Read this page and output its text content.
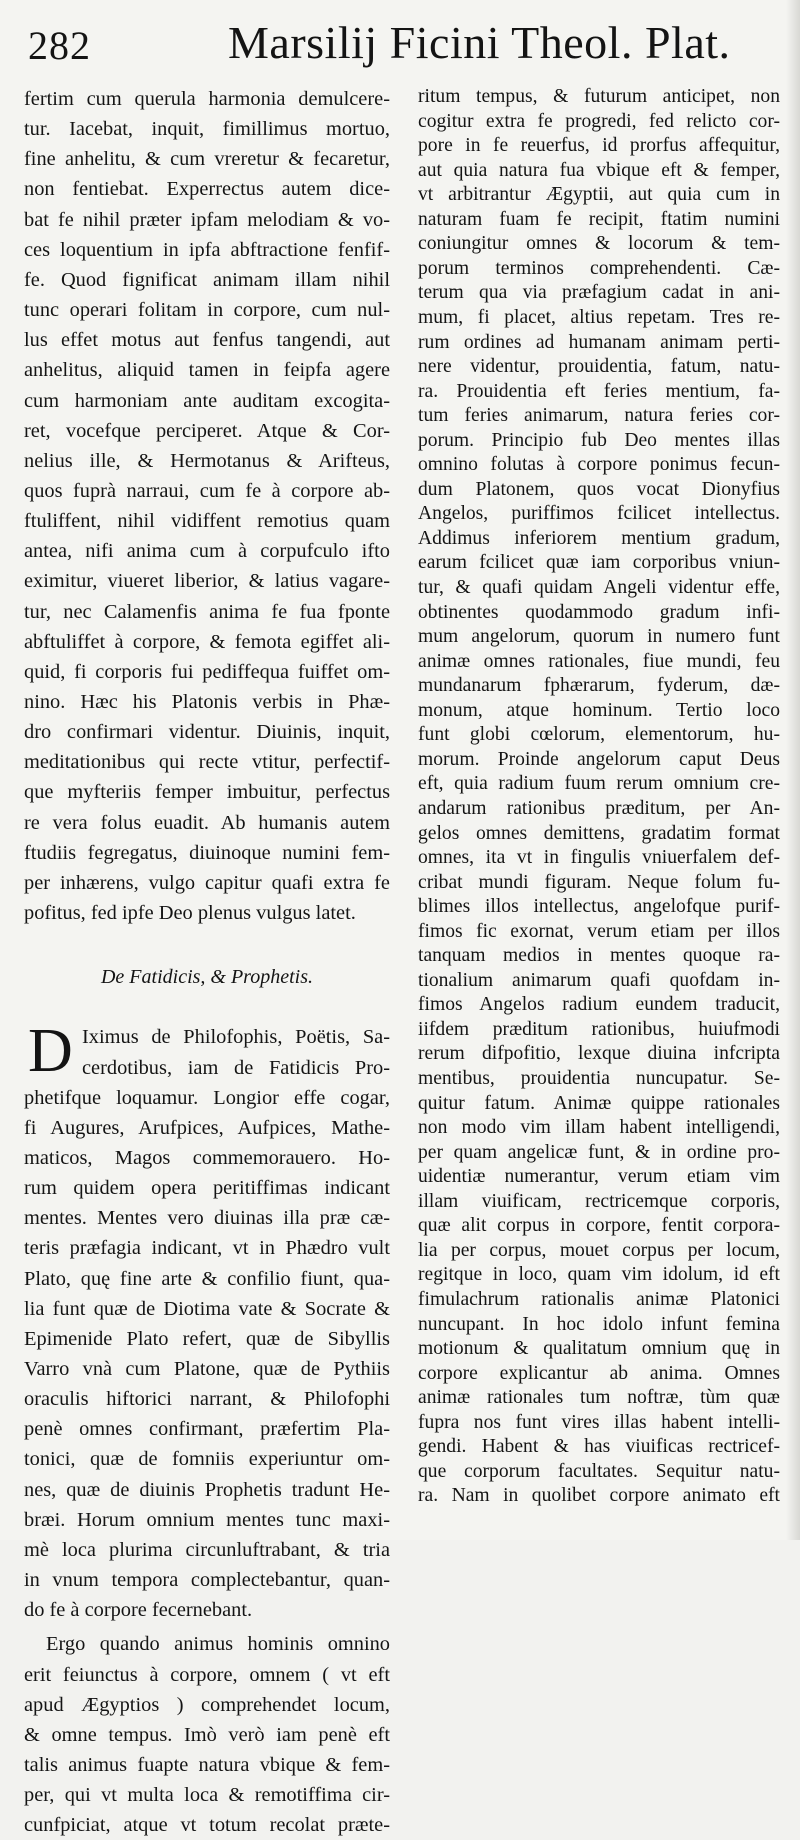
282	Marsilij Ficini Theol. Plat.
fertim cum querula harmonia demulcere-
tur. Iacebat, inquit, fimillimus mortuo,
fine anhelitu, & cum vreretur & fecaretur,
non fentiebat. Experrectus autem dice-
bat fe nihil præter ipfam melodiam & vo-
ces loquentium in ipfa abftractione fenfif-
fe. Quod fignificat animam illam nihil
tunc operari folitam in corpore, cum nul-
lus effet motus aut fenfus tangendi, aut
anhelitus, aliquid tamen in feipfa agere
cum harmoniam ante auditam excogita-
ret, vocefque perciperet. Atque & Cor-
nelius ille, & Hermotanus & Arifteus,
quos fuprà narraui, cum fe à corpore ab-
ftuliffent, nihil vidiffent remotius quam
antea, nifi anima cum à corpufculo ifto
eximitur, viueret liberior, & latius vagare-
tur, nec Calamenfis anima fe fua fponte
abftuliffet à corpore, & femota egiffet ali-
quid, fi corporis fui pediffequa fuiffet om-
nino. Hæc his Platonis verbis in Phæ-
dro confirmari videntur. Diuinis, inquit,
meditationibus qui recte vtitur, perfectif-
que myfteriis femper imbuitur, perfectus
re vera folus euadit. Ab humanis autem
ftudiis fegregatus, diuinoque numini fem-
per inhærens, vulgo capitur quafi extra fe
pofitus, fed ipfe Deo plenus vulgus latet.
De Fatidicis, & Prophetis.
D Iximus de Philofophis, Poëtis, Sa-
cerdotibus, iam de Fatidicis Pro-
phetifque loquamur. Longior effe cogar,
fi Augures, Arufpices, Aufpices, Mathe-
maticos, Magos commemorauero. Ho-
rum quidem opera peritiffimas indicant
mentes. Mentes vero diuinas illa præ cæ-
teris præfagia indicant, vt in Phædro vult
Plato, quę fine arte & confilio fiunt, qua-
lia funt quæ de Diotima vate & Socrate &
Epimenide Plato refert, quæ de Sibyllis
Varro vnà cum Platone, quæ de Pythiis
oraculis hiftorici narrant, & Philofophi
penè omnes confirmant, præfertim Pla-
tonici, quæ de fomniis experiuntur om-
nes, quæ de diuinis Prophetis tradunt He-
bræi. Horum omnium mentes tunc maxi-
mè loca plurima circunluftrabant, & tria
in vnum tempora complectebantur, quan-
do fe à corpore fecernebant.
Ergo quando animus hominis omnino
erit feiunctus à corpore, omnem ( vt eft
apud Ægyptios ) comprehendet locum,
& omne tempus. Imò verò iam penè eft
talis animus fuapte natura vbique & fem-
per, qui vt multa loca & remotiffima cir-
cunfpiciat, atque vt totum recolat præte-
ritum tempus, & futurum anticipet, non
cogitur extra fe progredi, fed relicto cor-
pore in fe reuerfus, id prorfus affequitur,
aut quia natura fua vbique eft & femper,
vt arbitrantur Ægyptii, aut quia cum in
naturam fuam fe recipit, ftatim numini
coniungitur omnes & locorum & tem-
porum terminos comprehendenti. Cæ-
terum qua via præfagium cadat in ani-
mum, fi placet, altius repetam. Tres re-
rum ordines ad humanam animam perti-
nere videntur, prouidentia, fatum, natu-
ra. Prouidentia eft feries mentium, fa-
tum feries animarum, natura feries cor-
porum. Principio fub Deo mentes illas
omnino folutas à corpore ponimus fecun-
dum Platonem, quos vocat Dionyfius
Angelos, puriffimos fcilicet intellectus.
Addimus inferiorem mentium gradum,
earum fcilicet quæ iam corporibus vniun-
tur, & quafi quidam Angeli videntur effe,
obtinentes quodammodo gradum infi-
mum angelorum, quorum in numero funt
animæ omnes rationales, fiue mundi, feu
mundanarum fphærarum, fyderum, dæ-
monum, atque hominum. Tertio loco
funt globi cœlorum, elementorum, hu-
morum. Proinde angelorum caput Deus
eft, quia radium fuum rerum omnium cre-
andarum rationibus præditum, per An-
gelos omnes demittens, gradatim format
omnes, ita vt in fingulis vniuerfalem def-
cribat mundi figuram. Neque folum fu-
blimes illos intellectus, angelofque purif-
fimos fic exornat, verum etiam per illos
tanquam medios in mentes quoque ra-
tionalium animarum quafi quofdam in-
fimos Angelos radium eundem traducit,
iifdem præditum rationibus, huiufmodi
rerum difpofitio, lexque diuina infcripta
mentibus, prouidentia nuncupatur. Se-
quitur fatum. Animæ quippe rationales
non modo vim illam habent intelligendi,
per quam angelicæ funt, & in ordine pro-
uidentiæ numerantur, verum etiam vim
illam viuificam, rectricemque corporis,
quæ alit corpus in corpore, fentit corpora-
lia per corpus, mouet corpus per locum,
regitque in loco, quam vim idolum, id eft
fimulachrum rationalis animæ Platonici
nuncupant. In hoc idolo infunt femina
motionum & qualitatum omnium quę in
corpore explicantur ab anima. Omnes
animæ rationales tum noftræ, tùm quæ
fupra nos funt vires illas habent intelli-
gendi. Habent & has viuificas rectricef-
que corporum facultates. Sequitur natu-
ra. Nam in quolibet corpore animato eft
